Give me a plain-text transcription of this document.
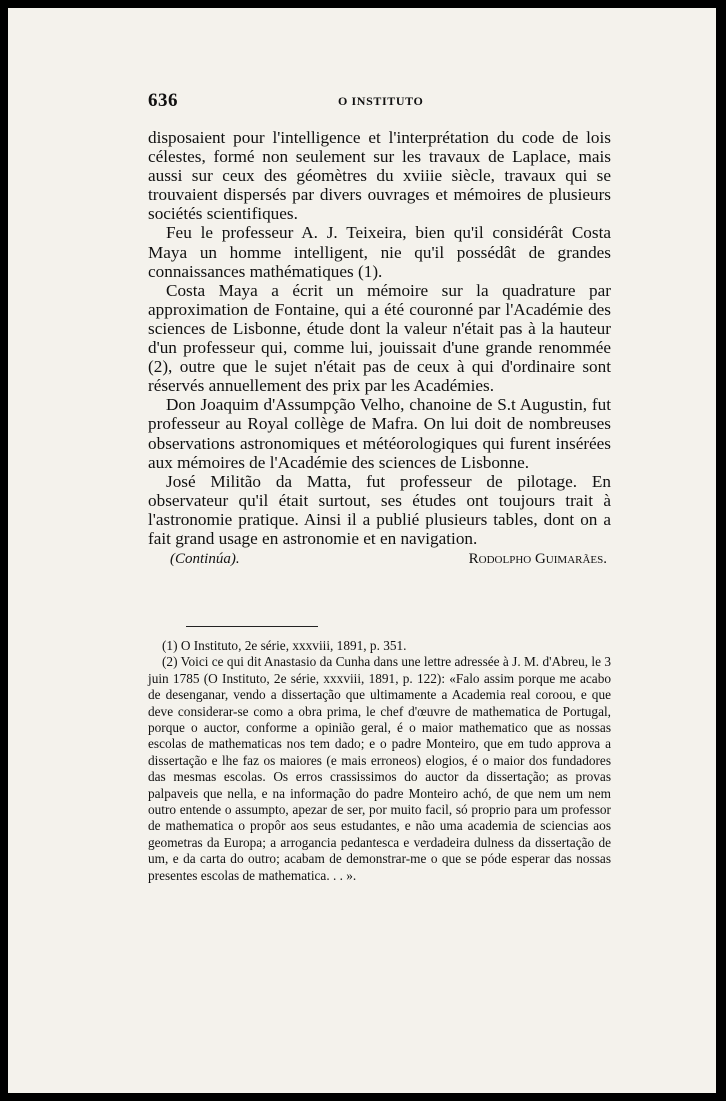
636	O INSTITUTO

disposaient pour l'intelligence et l'interprétation du code de lois célestes, formé non seulement sur les travaux de Laplace, mais aussi sur ceux des géomètres du xviiie siècle, travaux qui se trouvaient dispersés par divers ouvrages et mémoires de plusieurs sociétés scientifiques.

Feu le professeur A. J. Teixeira, bien qu'il considérât Costa Maya un homme intelligent, nie qu'il possédât de grandes connaissances mathématiques (1).

Costa Maya a écrit un mémoire sur la quadrature par approximation de Fontaine, qui a été couronné par l'Académie des sciences de Lisbonne, étude dont la valeur n'était pas à la hauteur d'un professeur qui, comme lui, jouissait d'une grande renommée (2), outre que le sujet n'était pas de ceux à qui d'ordinaire sont réservés annuellement des prix par les Académies.

Don Joaquim d'Assumpção Velho, chanoine de S.t Augustin, fut professeur au Royal collège de Mafra. On lui doit de nombreuses observations astronomiques et météorologiques qui furent insérées aux mémoires de l'Académie des sciences de Lisbonne.

José Militão da Matta, fut professeur de pilotage. En observateur qu'il était surtout, ses études ont toujours trait à l'astronomie pratique. Ainsi il a publié plusieurs tables, dont on a fait grand usage en astronomie et en navigation.

(Continúa).	Rodolpho Guimarães.

(1) O Instituto, 2e série, xxxviii, 1891, p. 351.

(2) Voici ce qui dit Anastasio da Cunha dans une lettre adressée à J. M. d'Abreu, le 3 juin 1785 (O Instituto, 2e série, xxxviii, 1891, p. 122): «Falo assim porque me acabo de desenganar, vendo a dissertação que ultimamente a Academia real coroou, e que deve considerar-se como a obra prima, le chef d'œuvre de mathematica de Portugal, porque o auctor, conforme a opinião geral, é o maior mathematico que as nossas escolas de mathematicas nos tem dado; e o padre Monteiro, que em tudo approva a dissertação e lhe faz os maiores (e mais erroneos) elogios, é o maior dos fundadores das mesmas escolas. Os erros crassissimos do auctor da dissertação; as provas palpaveis que nella, e na informação do padre Monteiro achó, de que nem um nem outro entende o assumpto, apezar de ser, por muito facil, só proprio para um professor de mathematica o propôr aos seus estudantes, e não uma academia de sciencias aos geometras da Europa; a arrogancia pedantesca e verdadeira dulness da dissertação de um, e da carta do outro; acabam de demonstrar-me o que se póde esperar das nossas presentes escolas de mathematica. . . ».
